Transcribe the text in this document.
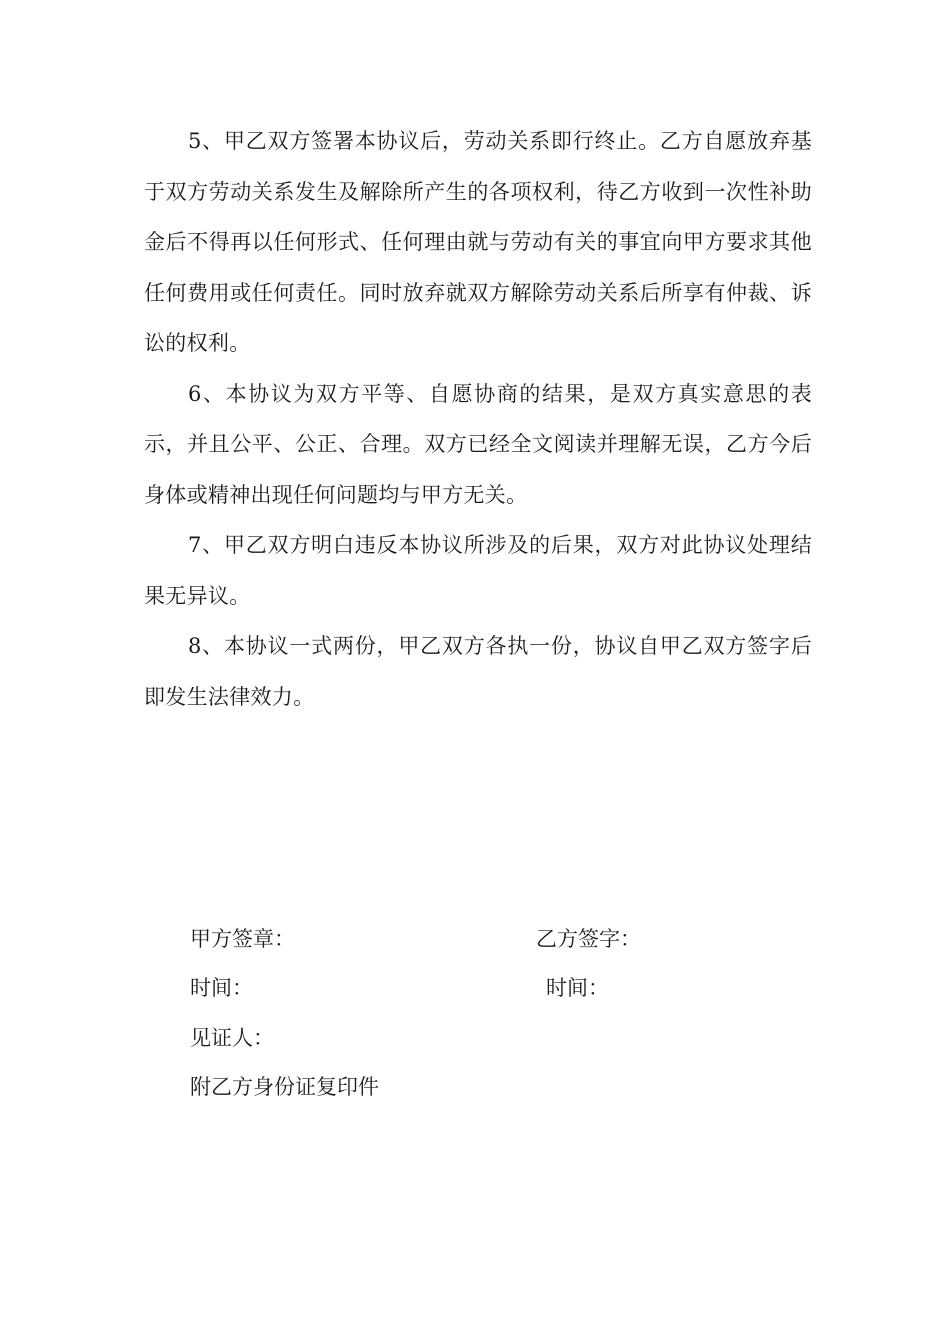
5、甲乙双方签署本协议后，劳动关系即行终止。乙方自愿放弃基于双方劳动关系发生及解除所产生的各项权利，待乙方收到一次性补助金后不得再以任何形式、任何理由就与劳动有关的事宜向甲方要求其他任何费用或任何责任。同时放弃就双方解除劳动关系后所享有仲裁、诉讼的权利。

6、本协议为双方平等、自愿协商的结果，是双方真实意思的表示，并且公平、公正、合理。双方已经全文阅读并理解无误，乙方今后身体或精神出现任何问题均与甲方无关。

7、甲乙双方明白违反本协议所涉及的后果，双方对此协议处理结果无异议。

8、本协议一式两份，甲乙双方各执一份，协议自甲乙双方签字后即发生法律效力。

甲方签章：	乙方签字：

时间：	时间：

见证人：

附乙方身份证复印件
